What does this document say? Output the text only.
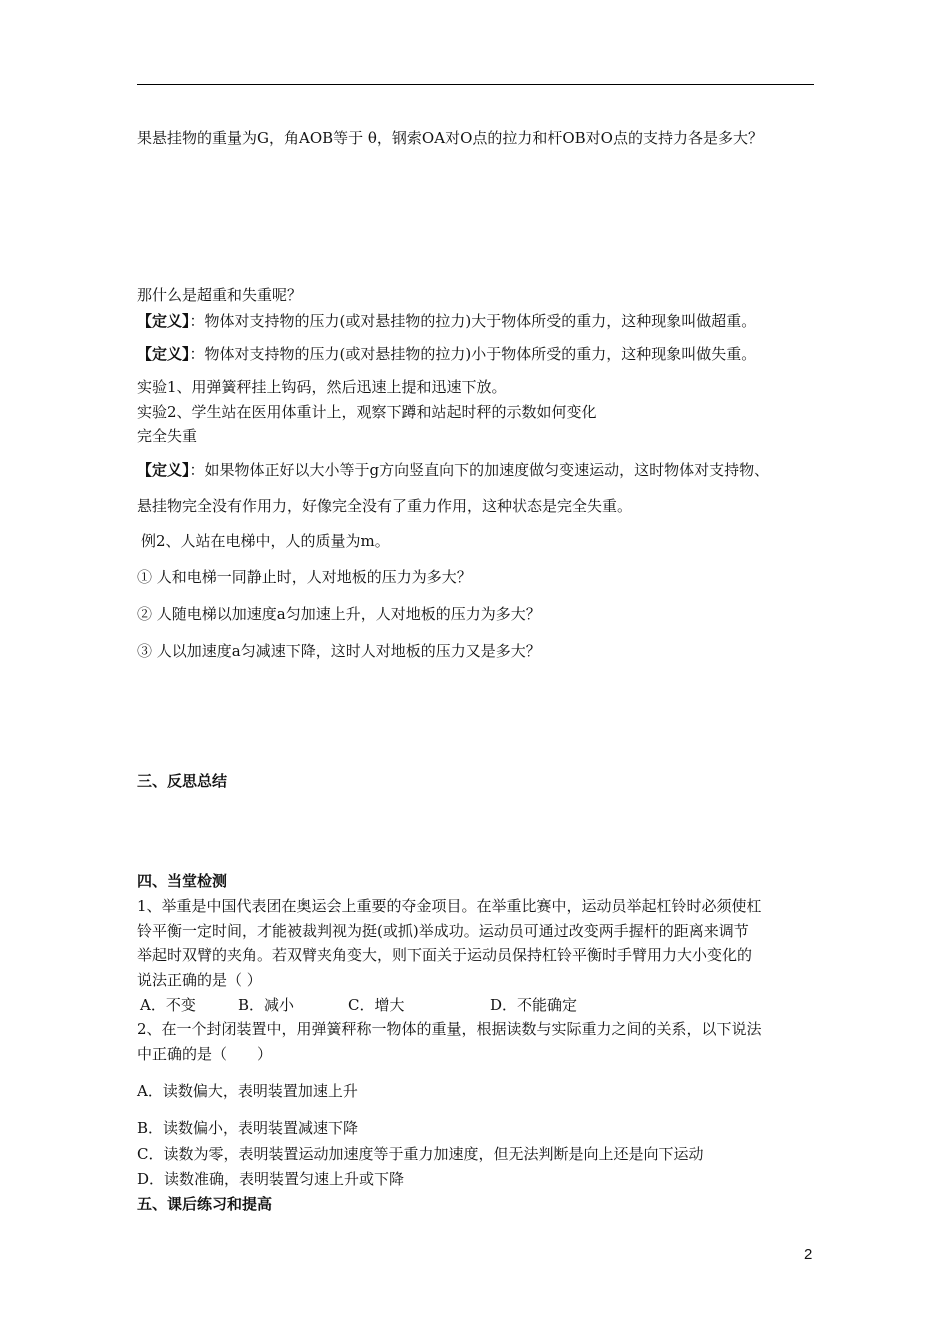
果悬挂物的重量为G，角AOB等于 θ，钢索OA对O点的拉力和杆OB对O点的支持力各是多大？
那什么是超重和失重呢？
【定义】：物体对支持物的压力(或对悬挂物的拉力)大于物体所受的重力，这种现象叫做超重。
【定义】：物体对支持物的压力(或对悬挂物的拉力)小于物体所受的重力，这种现象叫做失重。
实验1、用弹簧秤挂上钩码，然后迅速上提和迅速下放。
实验2、学生站在医用体重计上，观察下蹲和站起时秤的示数如何变化
完全失重
【定义】：如果物体正好以大小等于g方向竖直向下的加速度做匀变速运动，这时物体对支持物、
悬挂物完全没有作用力，好像完全没有了重力作用，这种状态是完全失重。
例2、人站在电梯中，人的质量为m。
① 人和电梯一同静止时，人对地板的压力为多大？
② 人随电梯以加速度a匀加速上升，人对地板的压力为多大？
③ 人以加速度a匀减速下降，这时人对地板的压力又是多大？
三、反思总结
四、当堂检测
1、举重是中国代表团在奥运会上重要的夺金项目。在举重比赛中，运动员举起杠铃时必须使杠
铃平衡一定时间，才能被裁判视为挺(或抓)举成功。运动员可通过改变两手握杆的距离来调节
举起时双臂的夹角。若双臂夹角变大，则下面关于运动员保持杠铃平衡时手臂用力大小变化的
说法正确的是（ ）
A．不变	B．减小	C．增大	D．不能确定
2、在一个封闭装置中，用弹簧秤称一物体的重量，根据读数与实际重力之间的关系，以下说法
中正确的是（　　）
A．读数偏大，表明装置加速上升
B．读数偏小，表明装置减速下降
C．读数为零，表明装置运动加速度等于重力加速度，但无法判断是向上还是向下运动
D．读数准确，表明装置匀速上升或下降
五、课后练习和提高
2
